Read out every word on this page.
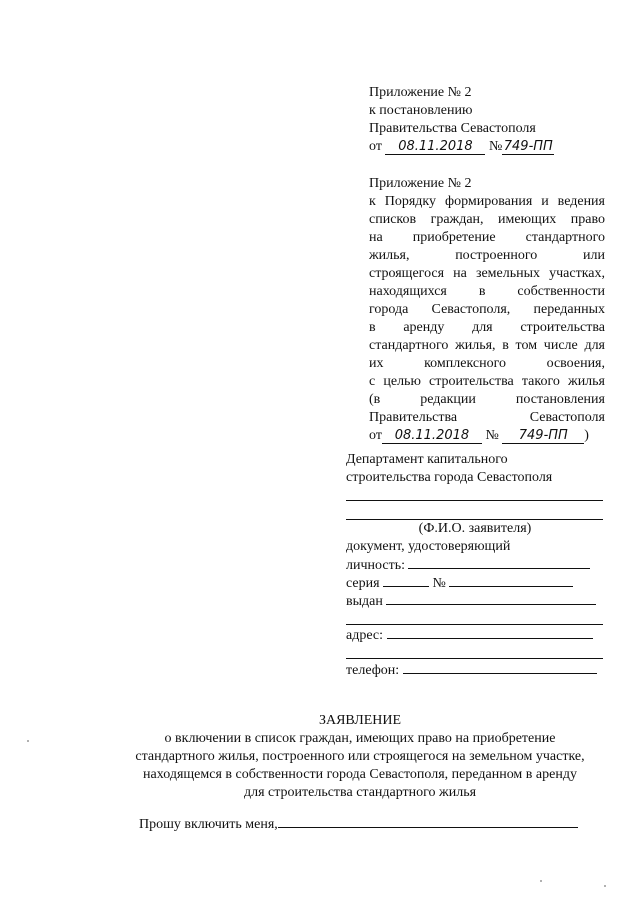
Приложение № 2
к постановлению
Правительства Севастополя
от 08.11.2018 №749-ПП
Приложение № 2
к Порядку формирования и ведения
списков граждан, имеющих право
на приобретение стандартного
жилья, построенного или
строящегося на земельных участках,
находящихся в собственности
города Севастополя, переданных
в аренду для строительства
стандартного жилья, в том числе для
их комплексного освоения,
с целью строительства такого жилья
(в редакции постановления
Правительства Севастополя
от 08.11.2018 № 749-ПП )
Департамент капитального
строительства города Севастополя
(Ф.И.О. заявителя)
документ, удостоверяющий
личность:
серия	№
выдан
адрес:
телефон:
ЗАЯВЛЕНИЕ
о включении в список граждан, имеющих право на приобретение
стандартного жилья, построенного или строящегося на земельном участке,
находящемся в собственности города Севастополя, переданном в аренду
для строительства стандартного жилья
Прошу включить меня,
